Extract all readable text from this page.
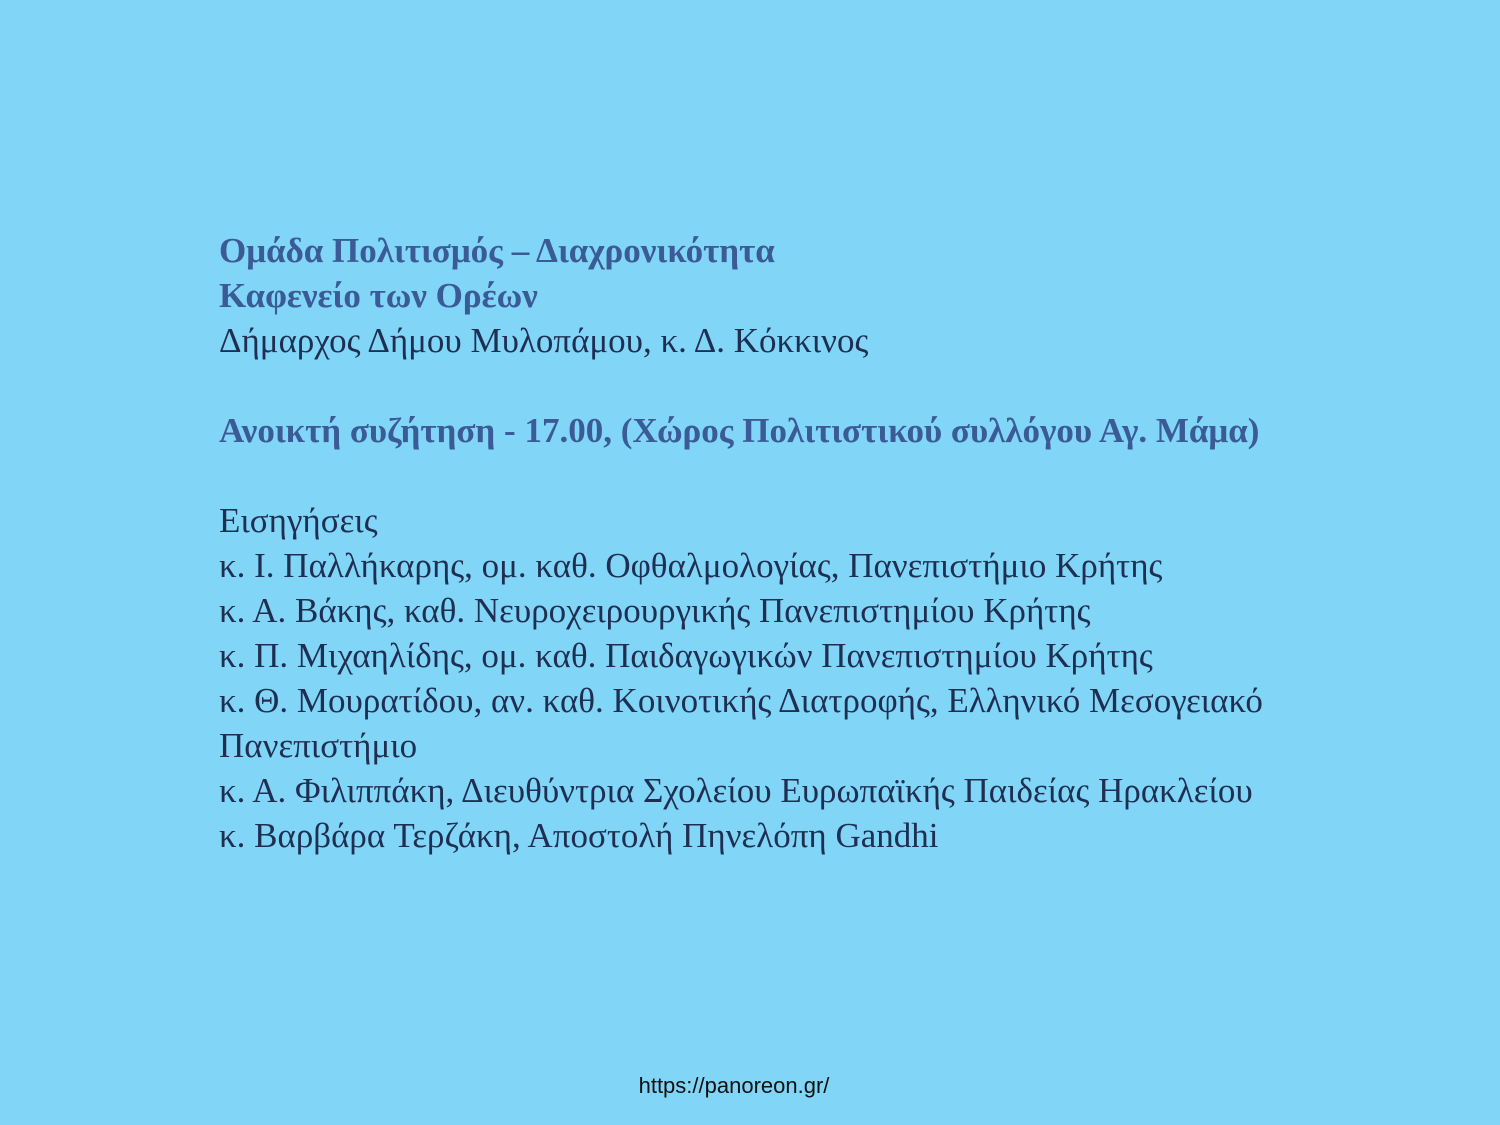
Ομάδα Πολιτισμός – Διαχρονικότητα
Καφενείο των Ορέων
Δήμαρχος Δήμου Μυλοπάμου, κ. Δ. Κόκκινος
Ανοικτή συζήτηση - 17.00, (Χώρος Πολιτιστικού συλλόγου Αγ. Μάμα)
Εισηγήσεις
κ. Ι. Παλλήκαρης, ομ. καθ. Οφθαλμολογίας, Πανεπιστήμιο Κρήτης
κ. Α. Βάκης, καθ. Νευροχειρουργικής Πανεπιστημίου Κρήτης
κ. Π. Μιχαηλίδης, ομ. καθ. Παιδαγωγικών Πανεπιστημίου Κρήτης
κ. Θ. Μουρατίδου, αν. καθ. Κοινοτικής Διατροφής, Ελληνικό Μεσογειακό
Πανεπιστήμιο
κ. Α. Φιλιππάκη, Διευθύντρια Σχολείου Ευρωπαϊκής Παιδείας Ηρακλείου
κ. Βαρβάρα Τερζάκη, Αποστολή Πηνελόπη Gandhi
https://panoreon.gr/
